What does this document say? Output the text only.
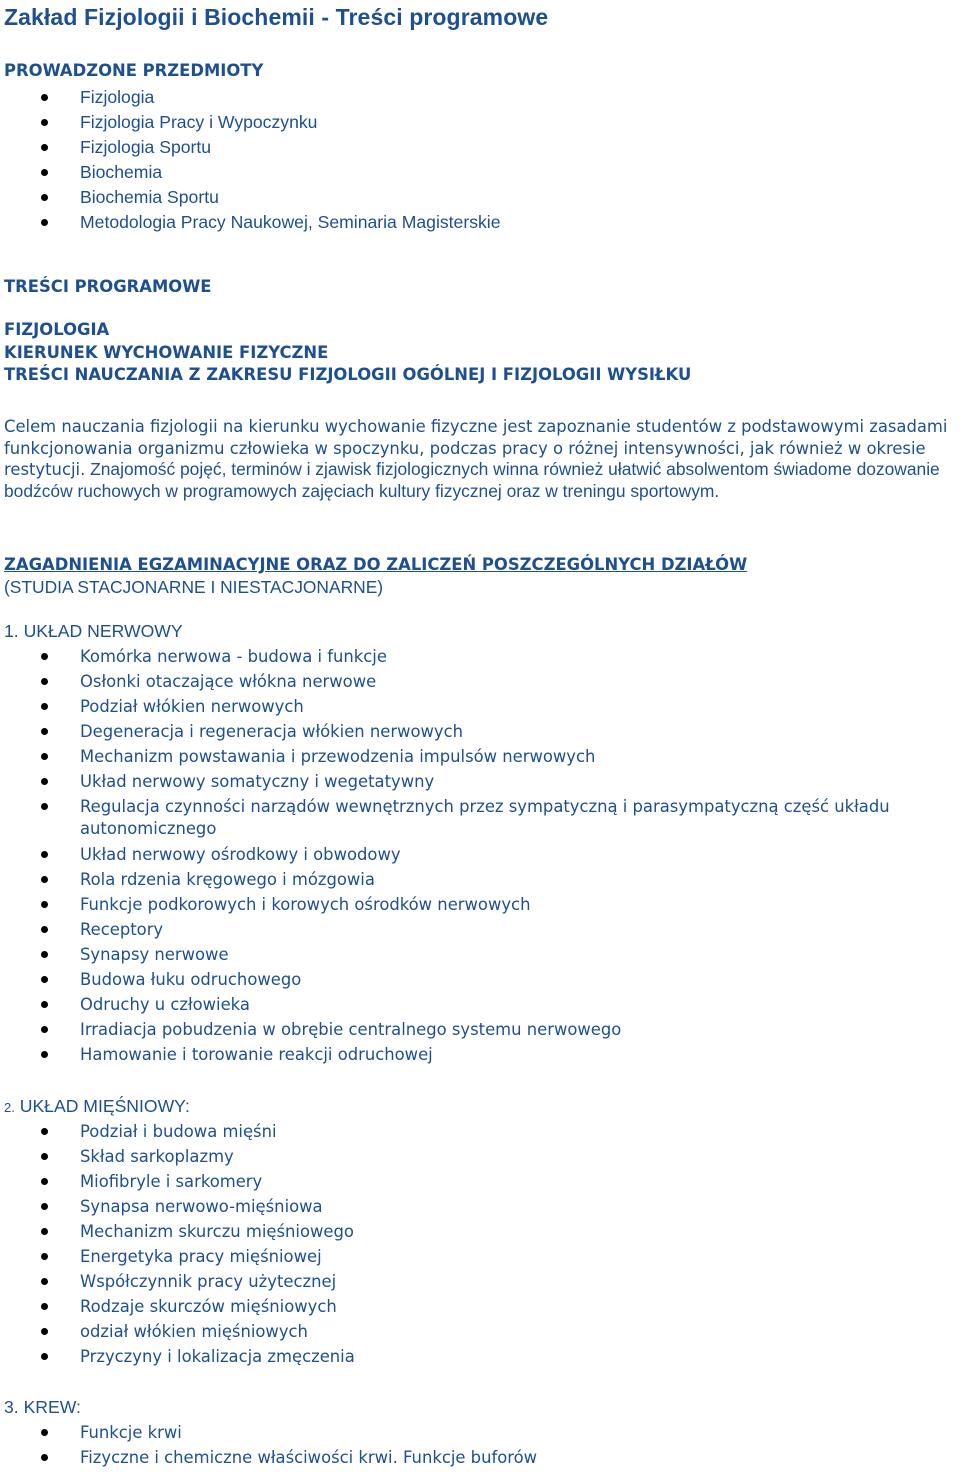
Zakład Fizjologii i Biochemii - Treści programowe
PROWADZONE PRZEDMIOTY
Fizjologia
Fizjologia Pracy i Wypoczynku
Fizjologia Sportu
Biochemia
Biochemia Sportu
Metodologia Pracy Naukowej, Seminaria Magisterskie
TREŚCI PROGRAMOWE
FIZJOLOGIA
KIERUNEK WYCHOWANIE FIZYCZNE
TREŚCI NAUCZANIA Z ZAKRESU FIZJOLOGII OGÓLNEJ I FIZJOLOGII WYSIŁKU

Celem nauczania fizjologii na kierunku wychowanie fizyczne jest zapoznanie studentów z podstawowymi zasadami funkcjonowania organizmu człowieka w spoczynku, podczas pracy o różnej intensywności, jak również w okresie restytucji. Znajomość pojęć, terminów i zjawisk fizjologicznych winna również ułatwić absolwentom świadome dozowanie bodźców ruchowych w programowych zajęciach kultury fizycznej oraz w treningu sportowym.

ZAGADNIENIA EGZAMINACYJNE ORAZ DO ZALICZEŃ POSZCZEGÓLNYCH DZIAŁÓW
(STUDIA STACJONARNE I NIESTACJONARNE)
1. UKŁAD NERWOWY
Komórka nerwowa - budowa i funkcje
Osłonki otaczające włókna nerwowe
Podział włókien nerwowych
Degeneracja i regeneracja włókien nerwowych
Mechanizm powstawania i przewodzenia impulsów nerwowych
Układ nerwowy somatyczny i wegetatywny
Regulacja czynności narządów wewnętrznych przez sympatyczną i parasympatyczną część układu autonomicznego
Układ nerwowy ośrodkowy i obwodowy
Rola rdzenia kręgowego i mózgowia
Funkcje podkorowych i korowych ośrodków nerwowych
Receptory
Synapsy nerwowe
Budowa łuku odruchowego
Odruchy u człowieka
Irradiacja pobudzenia w obrębie centralnego systemu nerwowego
Hamowanie i torowanie reakcji odruchowej
2. UKŁAD MIĘŚNIOWY:
Podział i budowa mięśni
Skład sarkoplazmy
Miofibryle i sarkomery
Synapsa nerwowo-mięśniowa
Mechanizm skurczu mięśniowego
Energetyka pracy mięśniowej
Współczynnik pracy użytecznej
Rodzaje skurczów mięśniowych
odział włókien mięśniowych
Przyczyny i lokalizacja zmęczenia
3. KREW:
Funkcje krwi
Fizyczne i chemiczne właściwości krwi. Funkcje buforów
